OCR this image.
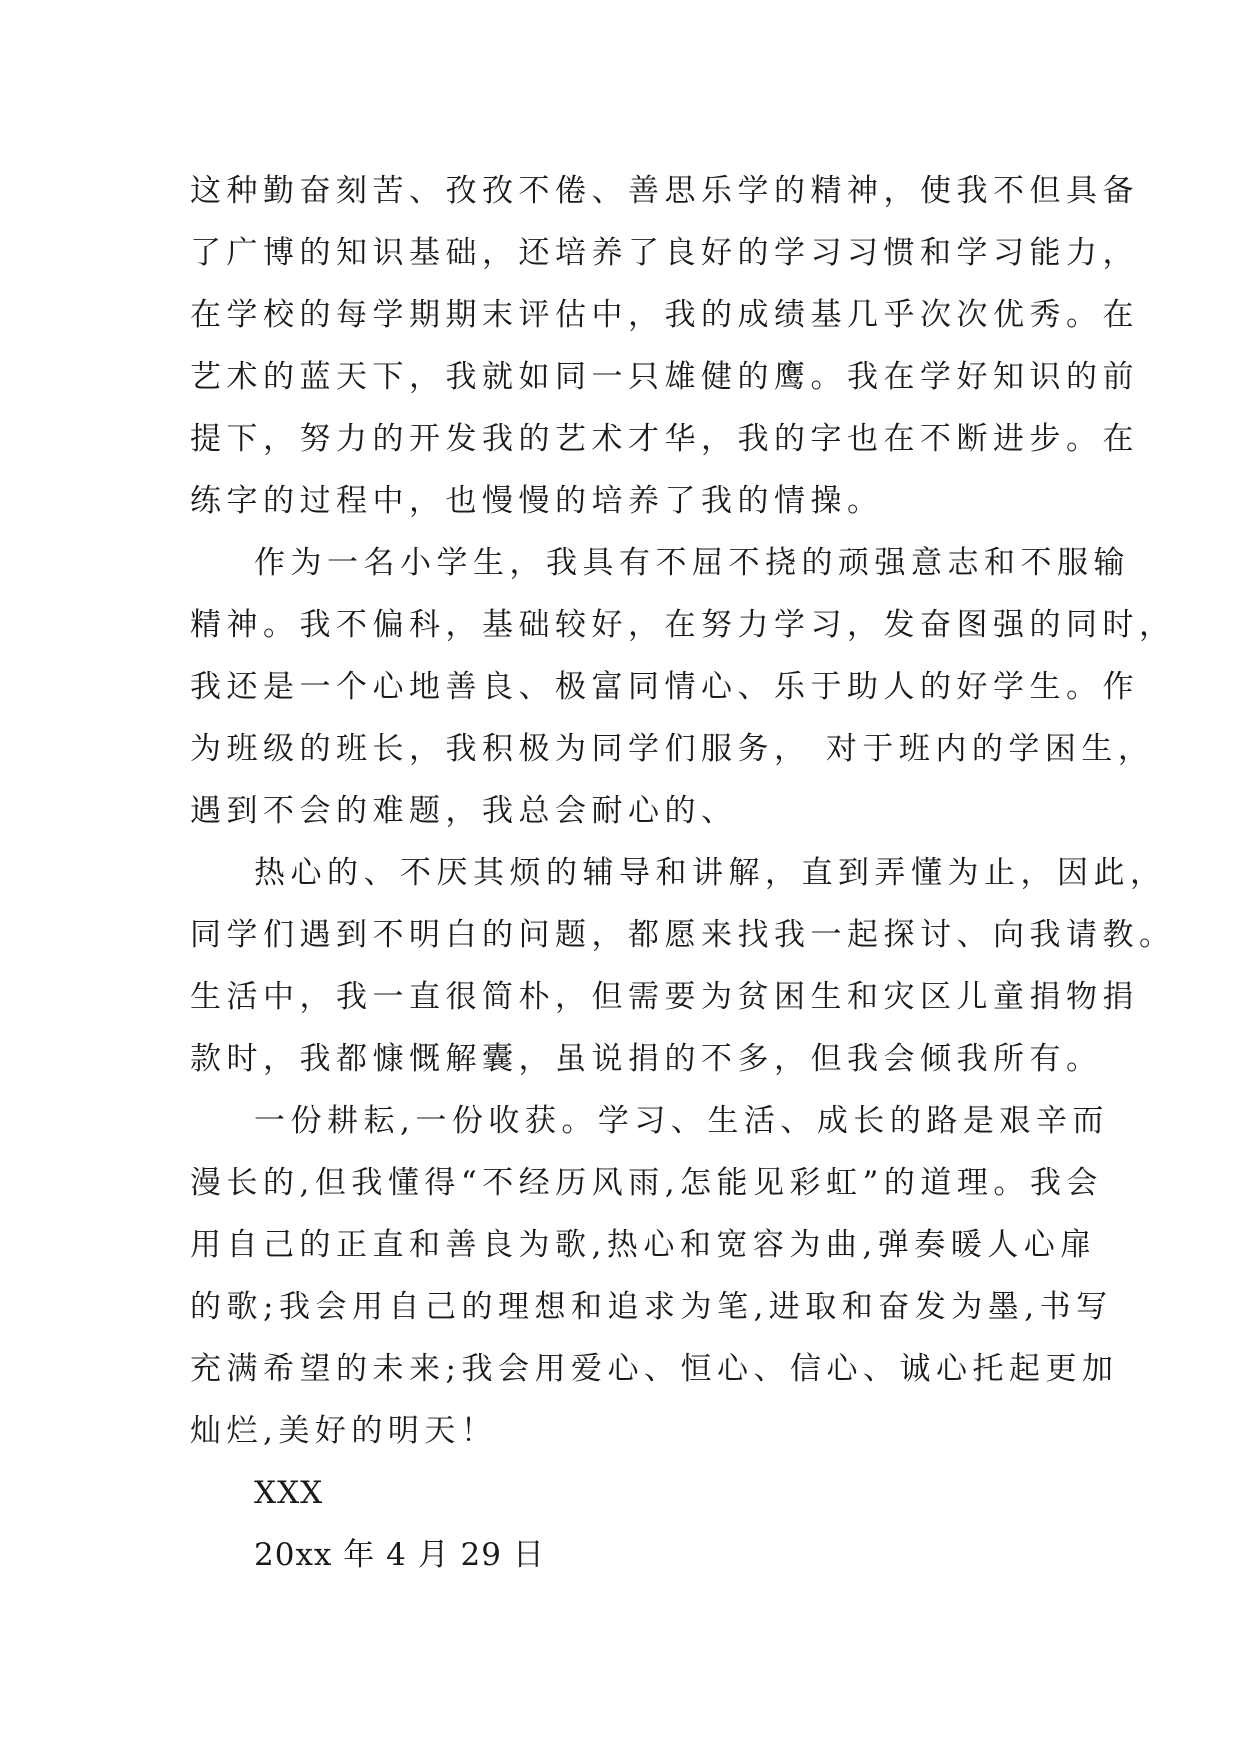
这种勤奋刻苦、孜孜不倦、善思乐学的精神，使我不但具备
了广博的知识基础，还培养了良好的学习习惯和学习能力，
在学校的每学期期末评估中，我的成绩基几乎次次优秀。在
艺术的蓝天下，我就如同一只雄健的鹰。我在学好知识的前
提下，努力的开发我的艺术才华，我的字也在不断进步。在
练字的过程中，也慢慢的培养了我的情操。
作为一名小学生，我具有不屈不挠的顽强意志和不服输
精神。我不偏科，基础较好，在努力学习，发奋图强的同时，
我还是一个心地善良、极富同情心、乐于助人的好学生。作
为班级的班长，我积极为同学们服务， 对于班内的学困生，
遇到不会的难题，我总会耐心的、
热心的、不厌其烦的辅导和讲解，直到弄懂为止，因此，
同学们遇到不明白的问题，都愿来找我一起探讨、向我请教。
生活中，我一直很简朴，但需要为贫困生和灾区儿童捐物捐
款时，我都慷慨解囊，虽说捐的不多，但我会倾我所有。
一份耕耘,一份收获。学习、生活、成长的路是艰辛而
漫长的,但我懂得“不经历风雨,怎能见彩虹”的道理。我会
用自己的正直和善良为歌,热心和宽容为曲,弹奏暖人心扉
的歌;我会用自己的理想和追求为笔,进取和奋发为墨,书写
充满希望的未来;我会用爱心、恒心、信心、诚心托起更加
灿烂,美好的明天！
XXX
20xx 年 4 月 29 日
